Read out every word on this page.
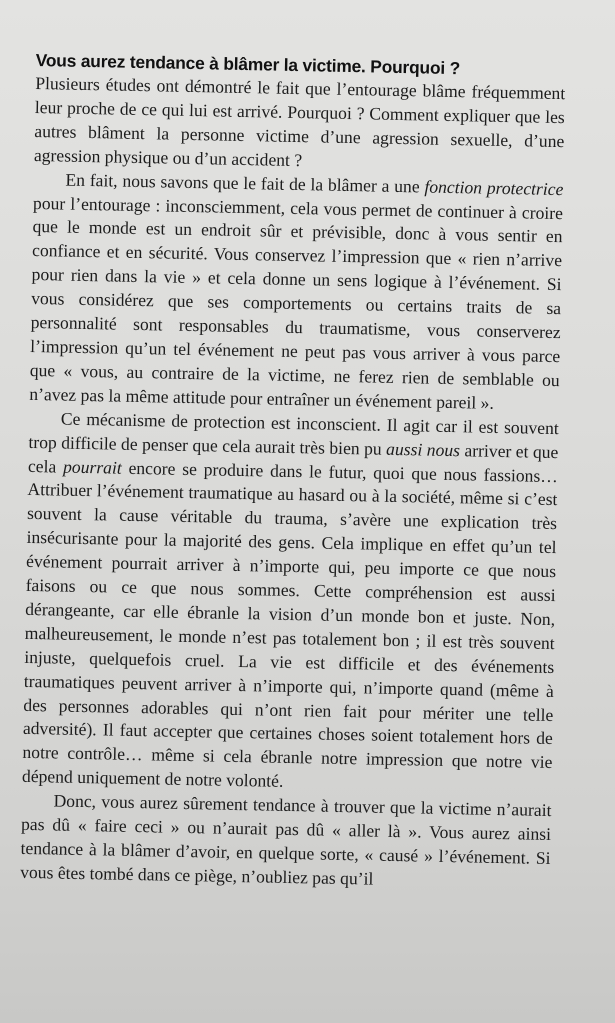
Vous aurez tendance à blâmer la victime. Pourquoi ?

Plusieurs études ont démontré le fait que l’entourage blâme fréquemment leur proche de ce qui lui est arrivé. Pourquoi ? Comment expliquer que les autres blâment la personne victime d’une agression sexuelle, d’une agression physique ou d’un accident ?

En fait, nous savons que le fait de la blâmer a une fonction protectrice pour l’entourage : inconsciemment, cela vous permet de continuer à croire que le monde est un endroit sûr et prévisible, donc à vous sentir en confiance et en sécurité. Vous conservez l’impression que « rien n’arrive pour rien dans la vie » et cela donne un sens logique à l’événement. Si vous considérez que ses comportements ou certains traits de sa personnalité sont responsables du traumatisme, vous conserverez l’impression qu’un tel événement ne peut pas vous arriver à vous parce que « vous, au contraire de la victime, ne ferez rien de semblable ou n’avez pas la même attitude pour entraîner un événement pareil ».

Ce mécanisme de protection est inconscient. Il agit car il est souvent trop difficile de penser que cela aurait très bien pu aussi nous arriver et que cela pourrait encore se produire dans le futur, quoi que nous fassions… Attribuer l’événement traumatique au hasard ou à la société, même si c’est souvent la cause véritable du trauma, s’avère une explication très insécurisante pour la majorité des gens. Cela implique en effet qu’un tel événement pourrait arriver à n’importe qui, peu importe ce que nous faisons ou ce que nous sommes. Cette compréhension est aussi dérangeante, car elle ébranle la vision d’un monde bon et juste. Non, malheureusement, le monde n’est pas totalement bon ; il est très souvent injuste, quelquefois cruel. La vie est difficile et des événements traumatiques peuvent arriver à n’importe qui, n’importe quand (même à des personnes adorables qui n’ont rien fait pour mériter une telle adversité). Il faut accepter que certaines choses soient totalement hors de notre contrôle… même si cela ébranle notre impression que notre vie dépend uniquement de notre volonté.

Donc, vous aurez sûrement tendance à trouver que la victime n’aurait pas dû « faire ceci » ou n’aurait pas dû « aller là ». Vous aurez ainsi tendance à la blâmer d’avoir, en quelque sorte, « causé » l’événement. Si vous êtes tombé dans ce piège, n’oubliez pas qu’il
